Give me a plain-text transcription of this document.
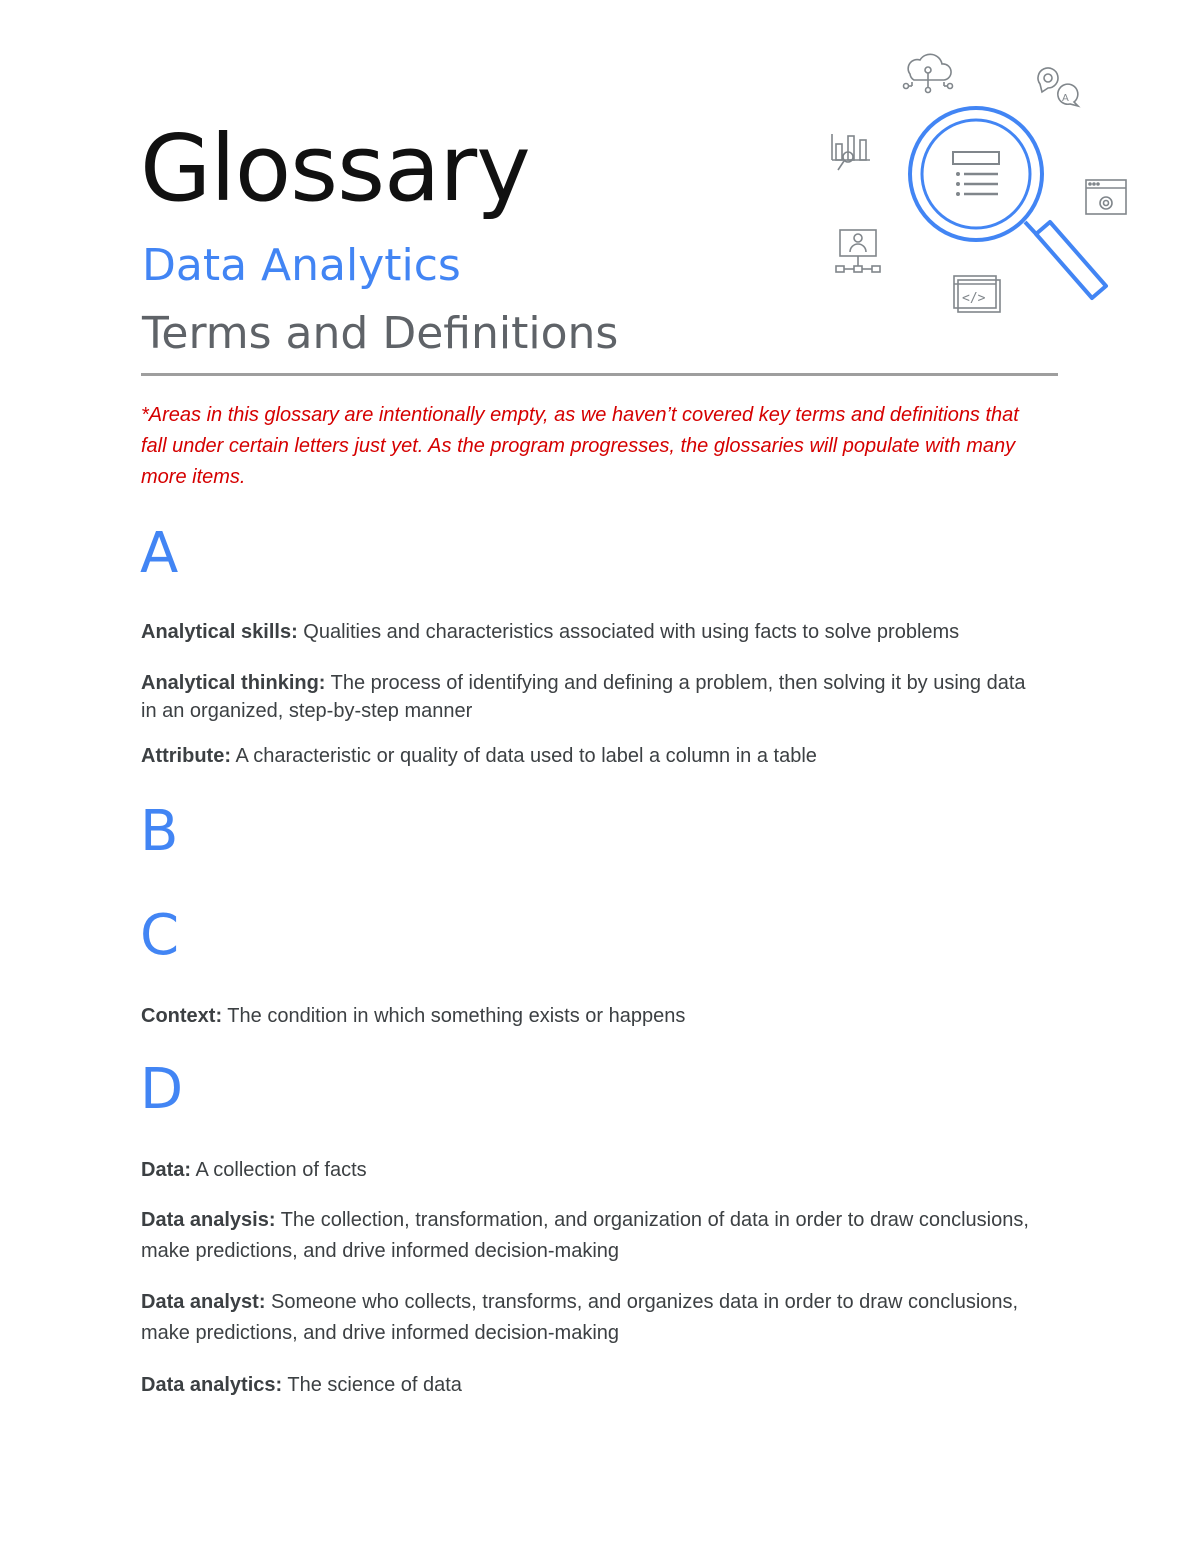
Glossary
Data Analytics
Terms and Definitions
A
</>

*Areas in this glossary are intentionally empty, as we haven’t covered key terms and definitions that fall under certain letters just yet. As the program progresses, the glossaries will populate with many more items.

A

Analytical skills: Qualities and characteristics associated with using facts to solve problems

Analytical thinking: The process of identifying and defining a problem, then solving it by using data in an organized, step-by-step manner

Attribute: A characteristic or quality of data used to label a column in a table

B
C

Context: The condition in which something exists or happens

D

Data: A collection of facts

Data analysis: The collection, transformation, and organization of data in order to draw conclusions, make predictions, and drive informed decision-making

Data analyst: Someone who collects, transforms, and organizes data in order to draw conclusions, make predictions, and drive informed decision-making

Data analytics: The science of data
